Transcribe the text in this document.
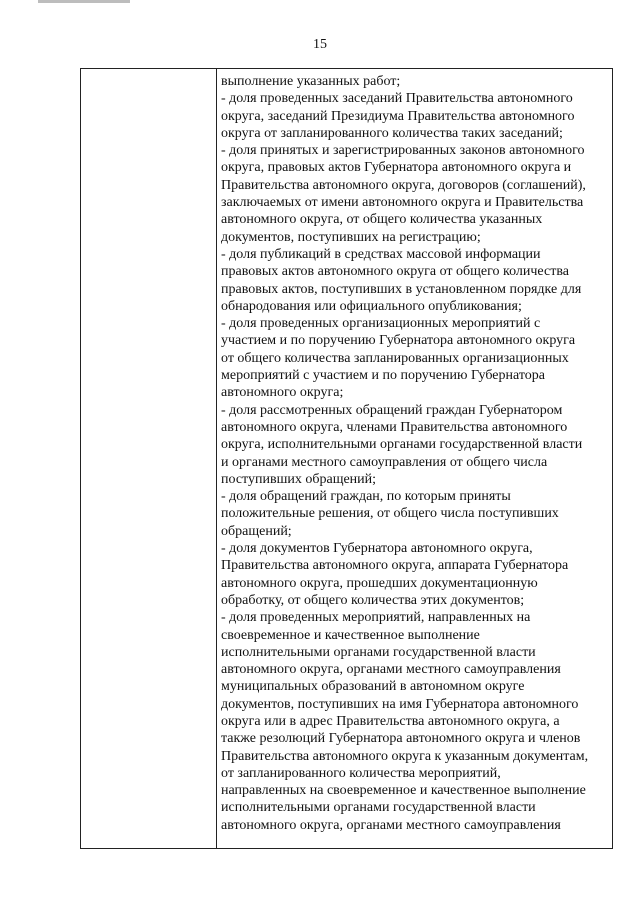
15
выполнение указанных работ;
- доля проведенных заседаний Правительства автономного
округа, заседаний Президиума Правительства автономного
округа от запланированного количества таких заседаний;
- доля принятых и зарегистрированных законов автономного
округа, правовых актов Губернатора автономного округа и
Правительства автономного округа, договоров (соглашений),
заключаемых от имени автономного округа и Правительства
автономного округа, от общего количества указанных
документов, поступивших на регистрацию;
- доля публикаций в средствах массовой информации
правовых актов автономного округа от общего количества
правовых актов, поступивших в установленном порядке для
обнародования или официального опубликования;
- доля проведенных организационных мероприятий с
участием и по поручению Губернатора автономного округа
от общего количества запланированных организационных
мероприятий с участием и по поручению Губернатора
автономного округа;
- доля рассмотренных обращений граждан Губернатором
автономного округа, членами Правительства автономного
округа, исполнительными органами государственной власти
и органами местного самоуправления от общего числа
поступивших обращений;
- доля обращений граждан, по которым приняты
положительные решения, от общего числа поступивших
обращений;
- доля документов Губернатора автономного округа,
Правительства автономного округа, аппарата Губернатора
автономного округа, прошедших документационную
обработку, от общего количества этих документов;
- доля проведенных мероприятий, направленных на
своевременное и качественное выполнение
исполнительными органами государственной власти
автономного округа, органами местного самоуправления
муниципальных образований в автономном округе
документов, поступивших на имя Губернатора автономного
округа или в адрес Правительства автономного округа, а
также резолюций Губернатора автономного округа и членов
Правительства автономного округа к указанным документам,
от запланированного количества мероприятий,
направленных на своевременное и качественное выполнение
исполнительными органами государственной власти
автономного округа, органами местного самоуправления
